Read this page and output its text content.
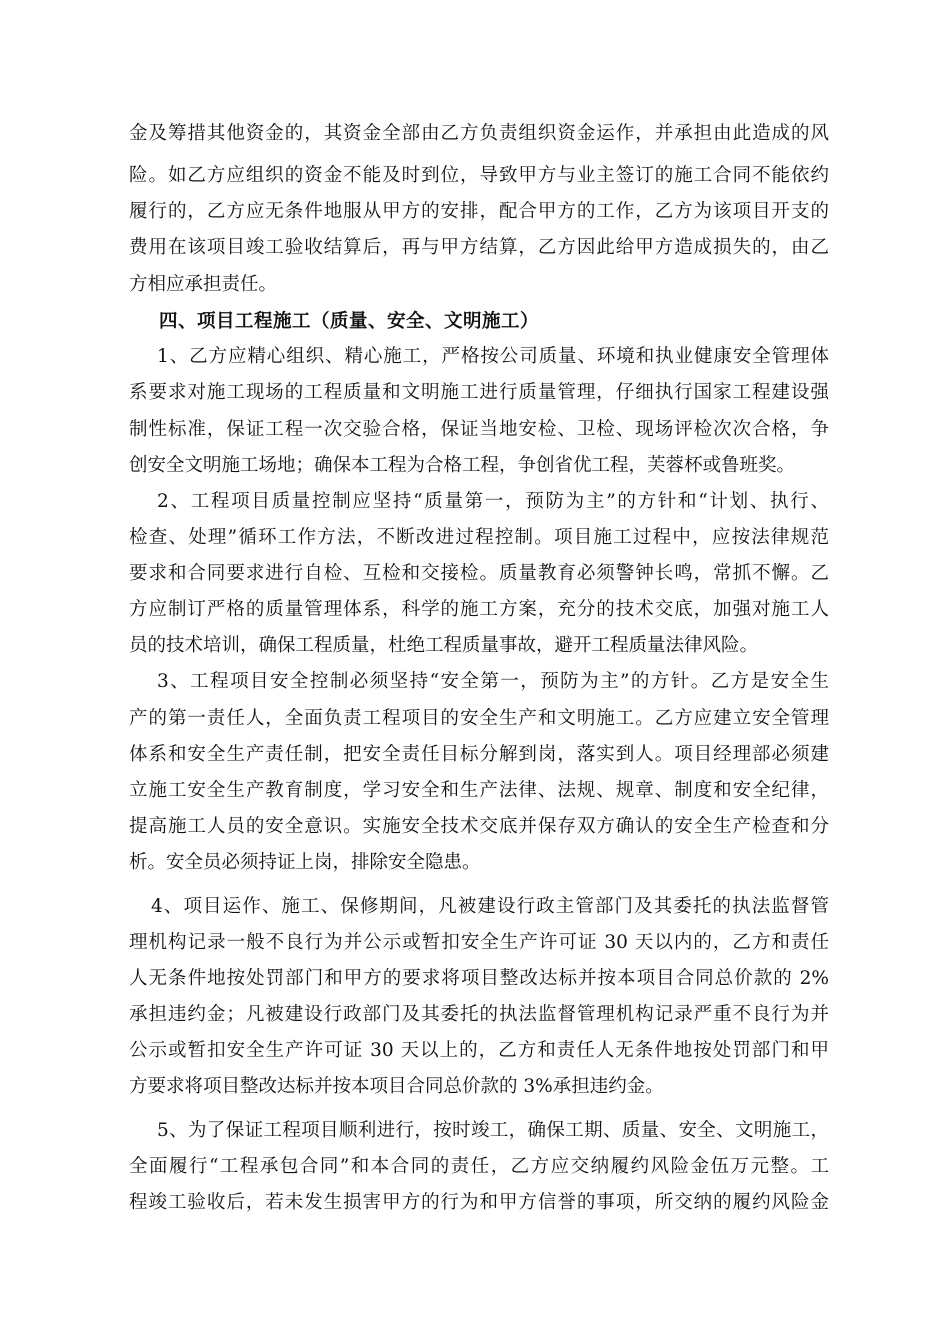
金及筹措其他资金的，其资金全部由乙方负责组织资金运作，并承担由此造成的风
险。如乙方应组织的资金不能及时到位，导致甲方与业主签订的施工合同不能依约
履行的，乙方应无条件地服从甲方的安排，配合甲方的工作，乙方为该项目开支的
费用在该项目竣工验收结算后，再与甲方结算，乙方因此给甲方造成损失的，由乙
方相应承担责任。
四、项目工程施工（质量、安全、文明施工）
1、乙方应精心组织、精心施工，严格按公司质量、环境和执业健康安全管理体
系要求对施工现场的工程质量和文明施工进行质量管理，仔细执行国家工程建设强
制性标准，保证工程一次交验合格，保证当地安检、卫检、现场评检次次合格，争
创安全文明施工场地；确保本工程为合格工程，争创省优工程，芙蓉杯或鲁班奖。
2、工程项目质量控制应坚持“质量第一，预防为主”的方针和“计划、执行、
检查、处理”循环工作方法，不断改进过程控制。项目施工过程中，应按法律规范
要求和合同要求进行自检、互检和交接检。质量教育必须警钟长鸣，常抓不懈。乙
方应制订严格的质量管理体系，科学的施工方案，充分的技术交底，加强对施工人
员的技术培训，确保工程质量，杜绝工程质量事故，避开工程质量法律风险。
3、工程项目安全控制必须坚持“安全第一，预防为主”的方针。乙方是安全生
产的第一责任人，全面负责工程项目的安全生产和文明施工。乙方应建立安全管理
体系和安全生产责任制，把安全责任目标分解到岗，落实到人。项目经理部必须建
立施工安全生产教育制度，学习安全和生产法律、法规、规章、制度和安全纪律，
提高施工人员的安全意识。实施安全技术交底并保存双方确认的安全生产检查和分
析。安全员必须持证上岗，排除安全隐患。
4、项目运作、施工、保修期间，凡被建设行政主管部门及其委托的执法监督管
理机构记录一般不良行为并公示或暂扣安全生产许可证 30 天以内的，乙方和责任
人无条件地按处罚部门和甲方的要求将项目整改达标并按本项目合同总价款的 2%
承担违约金；凡被建设行政部门及其委托的执法监督管理机构记录严重不良行为并
公示或暂扣安全生产许可证 30 天以上的，乙方和责任人无条件地按处罚部门和甲
方要求将项目整改达标并按本项目合同总价款的 3%承担违约金。
5、为了保证工程项目顺利进行，按时竣工，确保工期、质量、安全、文明施工，
全面履行“工程承包合同”和本合同的责任，乙方应交纳履约风险金伍万元整。工
程竣工验收后，若未发生损害甲方的行为和甲方信誉的事项，所交纳的履约风险金
